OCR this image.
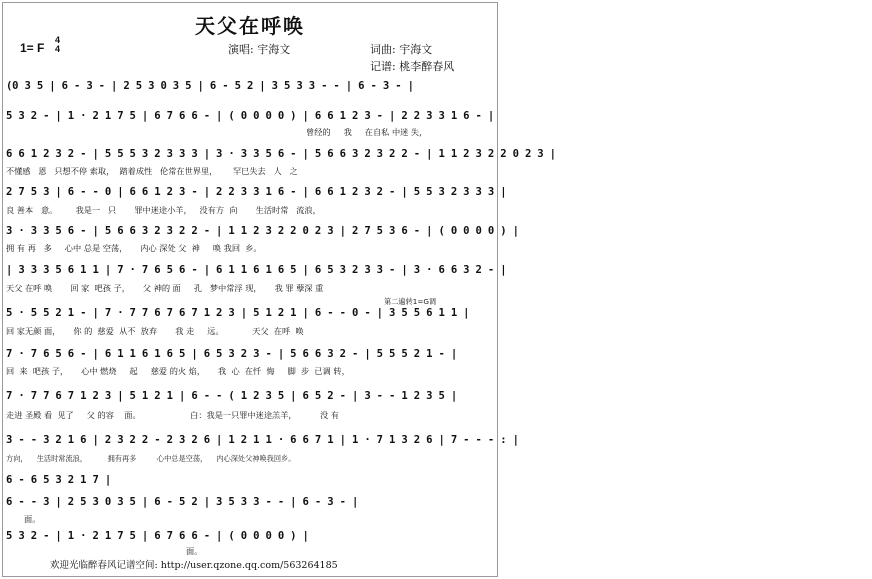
天父在呼唤
1= F
4
4	演唱: 宇海文	词曲: 宇海文
记谱: 桃李醉春风
(0 3 5 | 6 - 3 - | 2 5 3 0 3 5 | 6 - 5 2 | 3 5 3 3 - - | 6 - 3 - |
5 3 2 - | 1 · 2 1 7 5 | 6 7 6 6 - | ( 0 0 0 0 ) | 6 6 1 2 3 - | 2 2 3 3 1 6 - |
曾经的     我     在自私 中迷 失，
6 6 1 2 3 2 - | 5 5 5 3 2 3 3 3 | 3 · 3 3 5 6 - | 5 6 6 3 2 3 2 2 - | 1 1 2 3 2 2 0 2 3 |
不懂感   恩   只想不停 索取，  踏着成性   伦常在世界里，      罕巳失去   人   之
2 7 5 3 | 6 - - 0 | 6 6 1 2 3 - | 2 2 3 3 1 6 - | 6 6 1 2 3 2 - | 5 5 3 2 3 3 3 |
良 善本   意。       我是一   只       罪中迷途小羊，   没有方  向       生活时常   流浪，
3 · 3 3 5 6 - | 5 6 6 3 2 3 2 2 - | 1 1 2 3 2 2 0 2 3 | 2 7 5 3 6 - | ( 0 0 0 0 ) |
拥 有 再   多     心中 总是 空荡，     内心 深处 父  神     唤 我回  乡。
| 3 3 3 5 6 1 1 | 7 · 7 6 5 6 - | 6 1 1 6 1 6 5 | 6 5 3 2 3 3 - | 3 · 6 6 3 2 - |
天父 在呼 唤       回 家  吧孩 子，     父 神的 面     孔   梦中常浮 现，     我 罪 孽深 重
第二遍转1=G调
5 · 5 5 2 1 - | 7 · 7 7 6 7 6 7 1 2 3 | 5 1 2 1 | 6 - - 0 - | 3 5 5 6 1 1 |
回 家无颜 面，     你 的  慈爱  从不  放弃       我 走     远。           天父  在呼  唤
7 · 7 6 5 6 - | 6 1 1 6 1 6 5 | 6 5 3 2 3 - | 5 6 6 3 2 - | 5 5 5 2 1 - |
回  来  吧孩 子，     心中 燃烧     起     慈爱 的火 焰，     我  心  在忏  悔     脚  步  已调 转，
7 · 7 7 6 7 1 2 3 | 5 1 2 1 | 6 - - ( 1 2 3 5 | 6 5 2 - | 3 - - 1 2 3 5 |
走进 圣殿 看  见了     父 的容    面。                   白：我是一只罪中迷途羔羊，         没 有
3 - - 3 2 1 6 | 2 3 2 2 - 2 3 2 6 | 1 2 1 1 · 6 6 7 1 | 1 · 7 1 3 2 6 | 7 - - - : |
方向，    生活时常流浪，         拥有再多         心中总是空荡，    内心深处父神唤我回乡。
6 - 6 5 3 2 1 7 |
6 - - 3 | 2 5 3 0 3 5 | 6 - 5 2 | 3 5 3 3 - - | 6 - 3 - |
面。
5 3 2 - | 1 · 2 1 7 5 | 6 7 6 6 - | ( 0 0 0 0 ) |
面。
欢迎光临醉春风记谱空间: http://user.qzone.qq.com/563264185
